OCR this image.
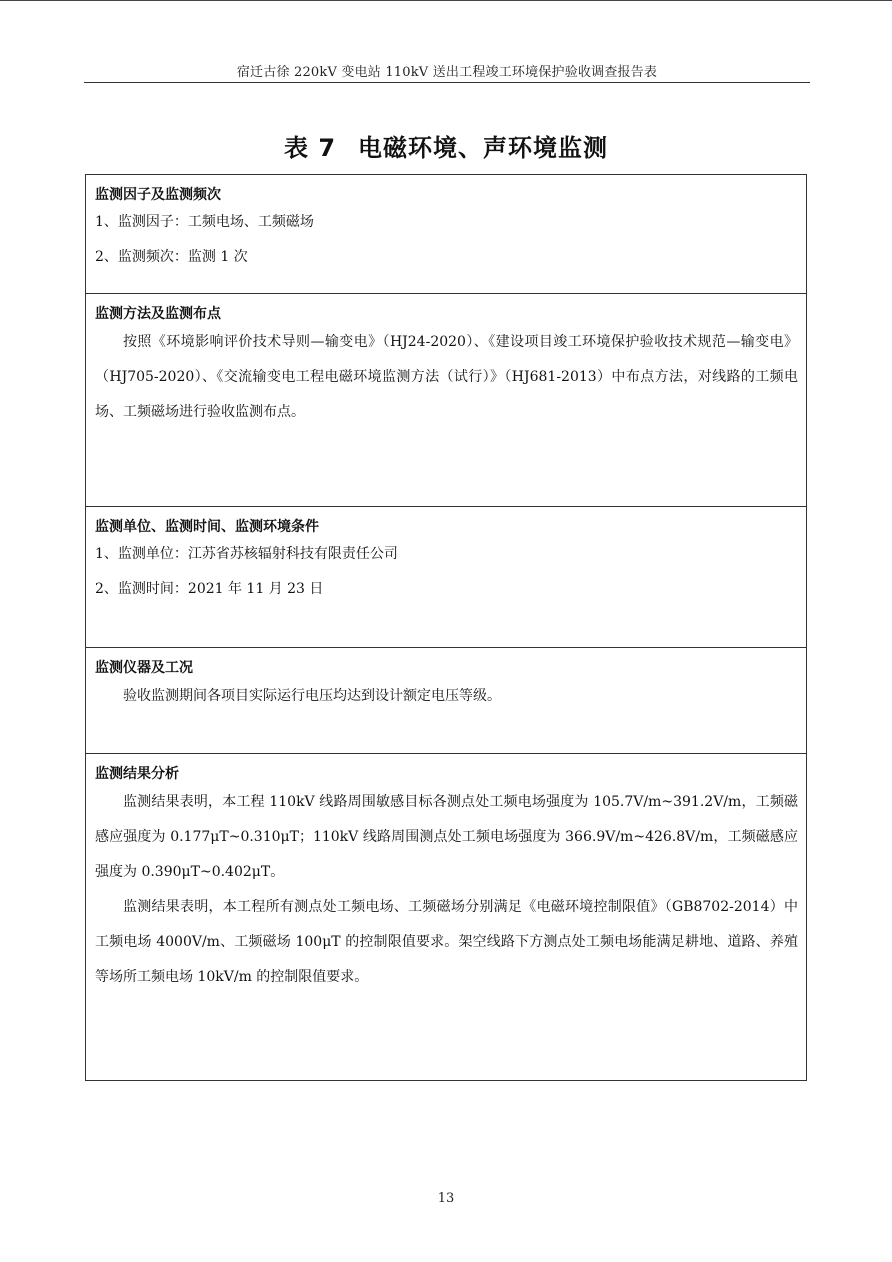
宿迁古徐 220kV 变电站 110kV 送出工程竣工环境保护验收调查报告表
表 7 电磁环境、声环境监测
监测因子及监测频次
1、监测因子：工频电场、工频磁场
2、监测频次：监测 1 次
监测方法及监测布点
按照《环境影响评价技术导则—输变电》（HJ24-2020）、《建设项目竣工环境保护验收技术规范—输变电》（HJ705-2020）、《交流输变电工程电磁环境监测方法（试行）》（HJ681-2013）中布点方法，对线路的工频电场、工频磁场进行验收监测布点。
监测单位、监测时间、监测环境条件
1、监测单位：江苏省苏核辐射科技有限责任公司
2、监测时间：2021 年 11 月 23 日
监测仪器及工况
验收监测期间各项目实际运行电压均达到设计额定电压等级。
监测结果分析
监测结果表明，本工程 110kV 线路周围敏感目标各测点处工频电场强度为 105.7V/m~391.2V/m，工频磁感应强度为 0.177μT~0.310μT；110kV 线路周围测点处工频电场强度为 366.9V/m~426.8V/m，工频磁感应强度为 0.390μT~0.402μT。
监测结果表明，本工程所有测点处工频电场、工频磁场分别满足《电磁环境控制限值》（GB8702-2014）中工频电场 4000V/m、工频磁场 100μT 的控制限值要求。架空线路下方测点处工频电场能满足耕地、道路、养殖等场所工频电场 10kV/m 的控制限值要求。
13
